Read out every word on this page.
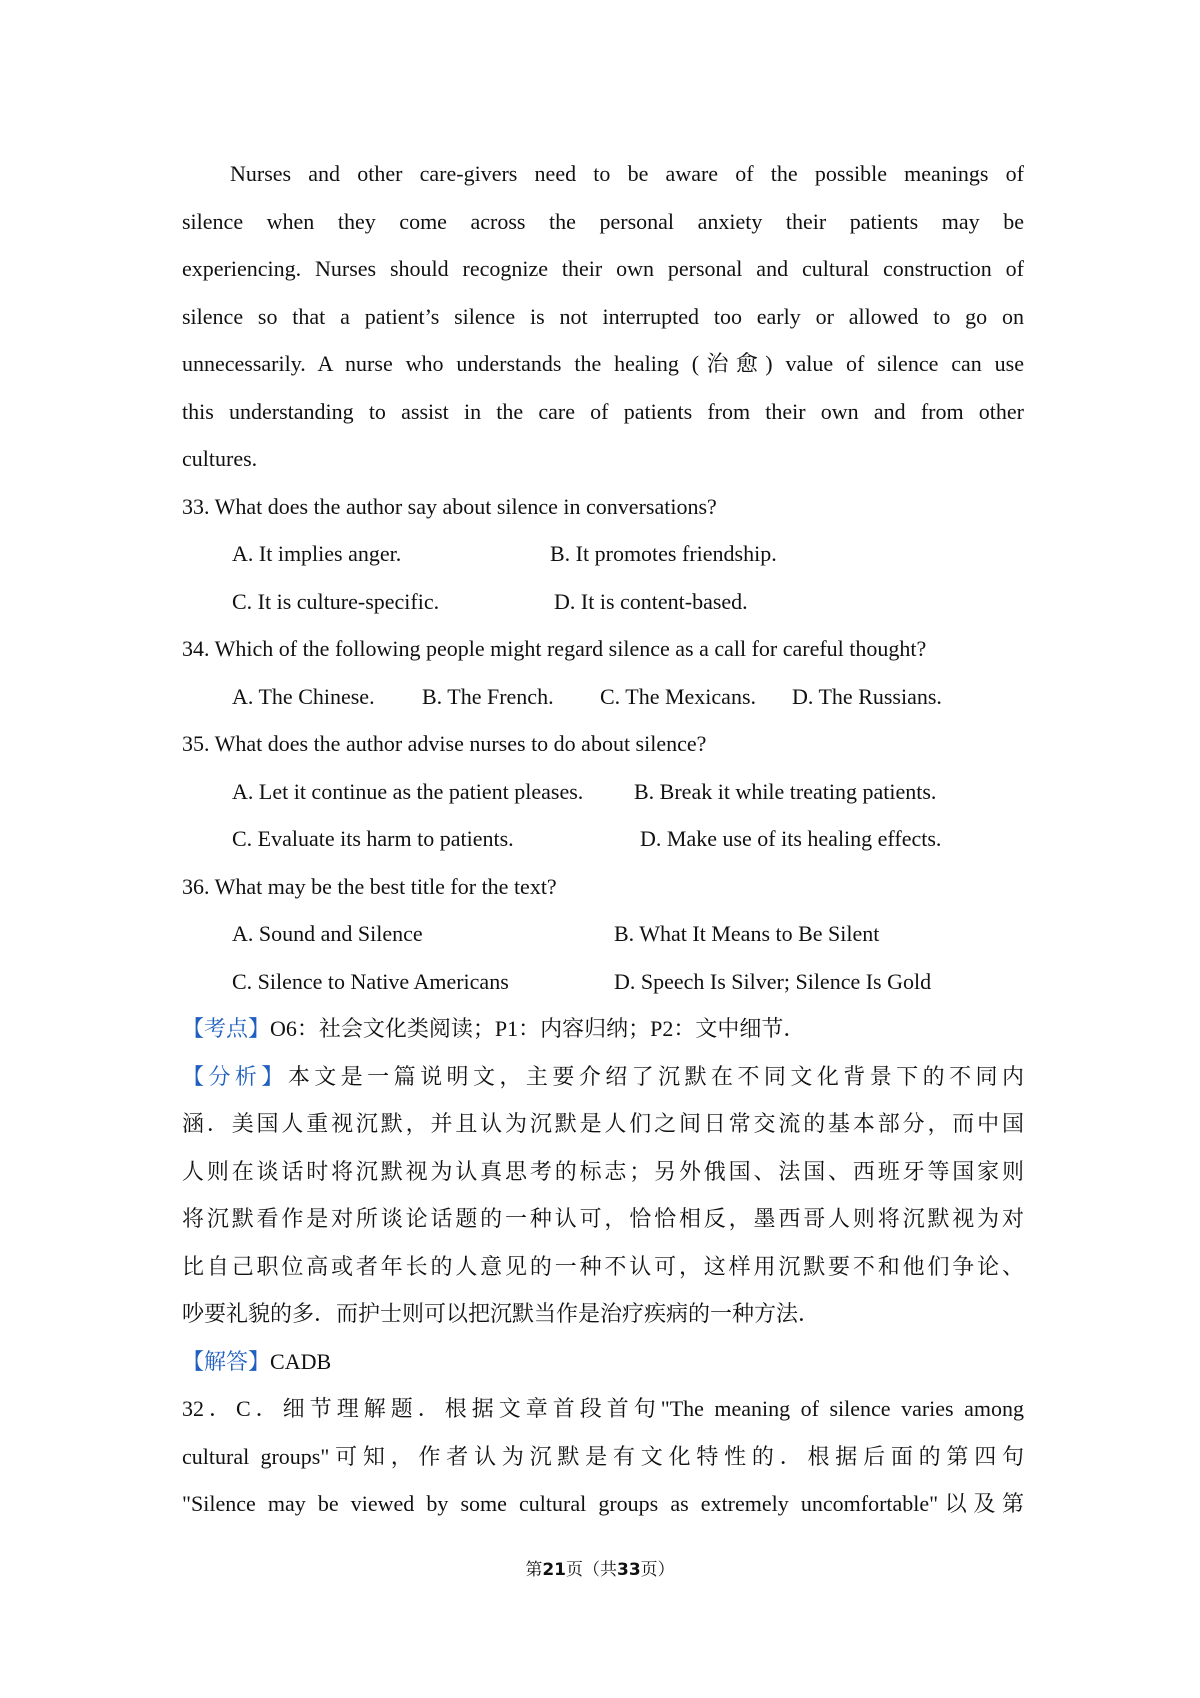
Nurses and other care-givers need to be aware of the possible meanings of
silence when they come across the personal anxiety their patients may be
experiencing. Nurses should recognize their own personal and cultural construction of
silence so that a patient’s silence is not interrupted too early or allowed to go on
unnecessarily. A nurse who understands the healing (治愈) value of silence can use
this understanding to assist in the care of patients from their own and from other
cultures.
33. What does the author say about silence in conversations?
A. It implies anger.	B. It promotes friendship.
C. It is culture-specific.	D. It is content-based.
34. Which of the following people might regard silence as a call for careful thought?
A. The Chinese.	B. The French.	C. The Mexicans.	D. The Russians.
35. What does the author advise nurses to do about silence?
A. Let it continue as the patient pleases.	B. Break it while treating patients.
C. Evaluate its harm to patients.	D. Make use of its healing effects.
36. What may be the best title for the text?
A. Sound and Silence	B. What It Means to Be Silent
C. Silence to Native Americans	D. Speech Is Silver; Silence Is Gold
【考点】O6：社会文化类阅读；P1：内容归纳；P2：文中细节．
【分析】本文是一篇说明文，主要介绍了沉默在不同文化背景下的不同内
涵．美国人重视沉默，并且认为沉默是人们之间日常交流的基本部分，而中国
人则在谈话时将沉默视为认真思考的标志；另外俄国、法国、西班牙等国家则
将沉默看作是对所谈论话题的一种认可，恰恰相反，墨西哥人则将沉默视为对
比自己职位高或者年长的人意见的一种不认可，这样用沉默要不和他们争论、
吵要礼貌的多．而护士则可以把沉默当作是治疗疾病的一种方法．
【解答】CADB
32．C．细节理解题．根据文章首段首句"The meaning of silence varies among
cultural groups"可知，作者认为沉默是有文化特性的．根据后面的第四句
"Silence may be viewed by some cultural groups as extremely uncomfortable"以及第
第21页（共33页）
